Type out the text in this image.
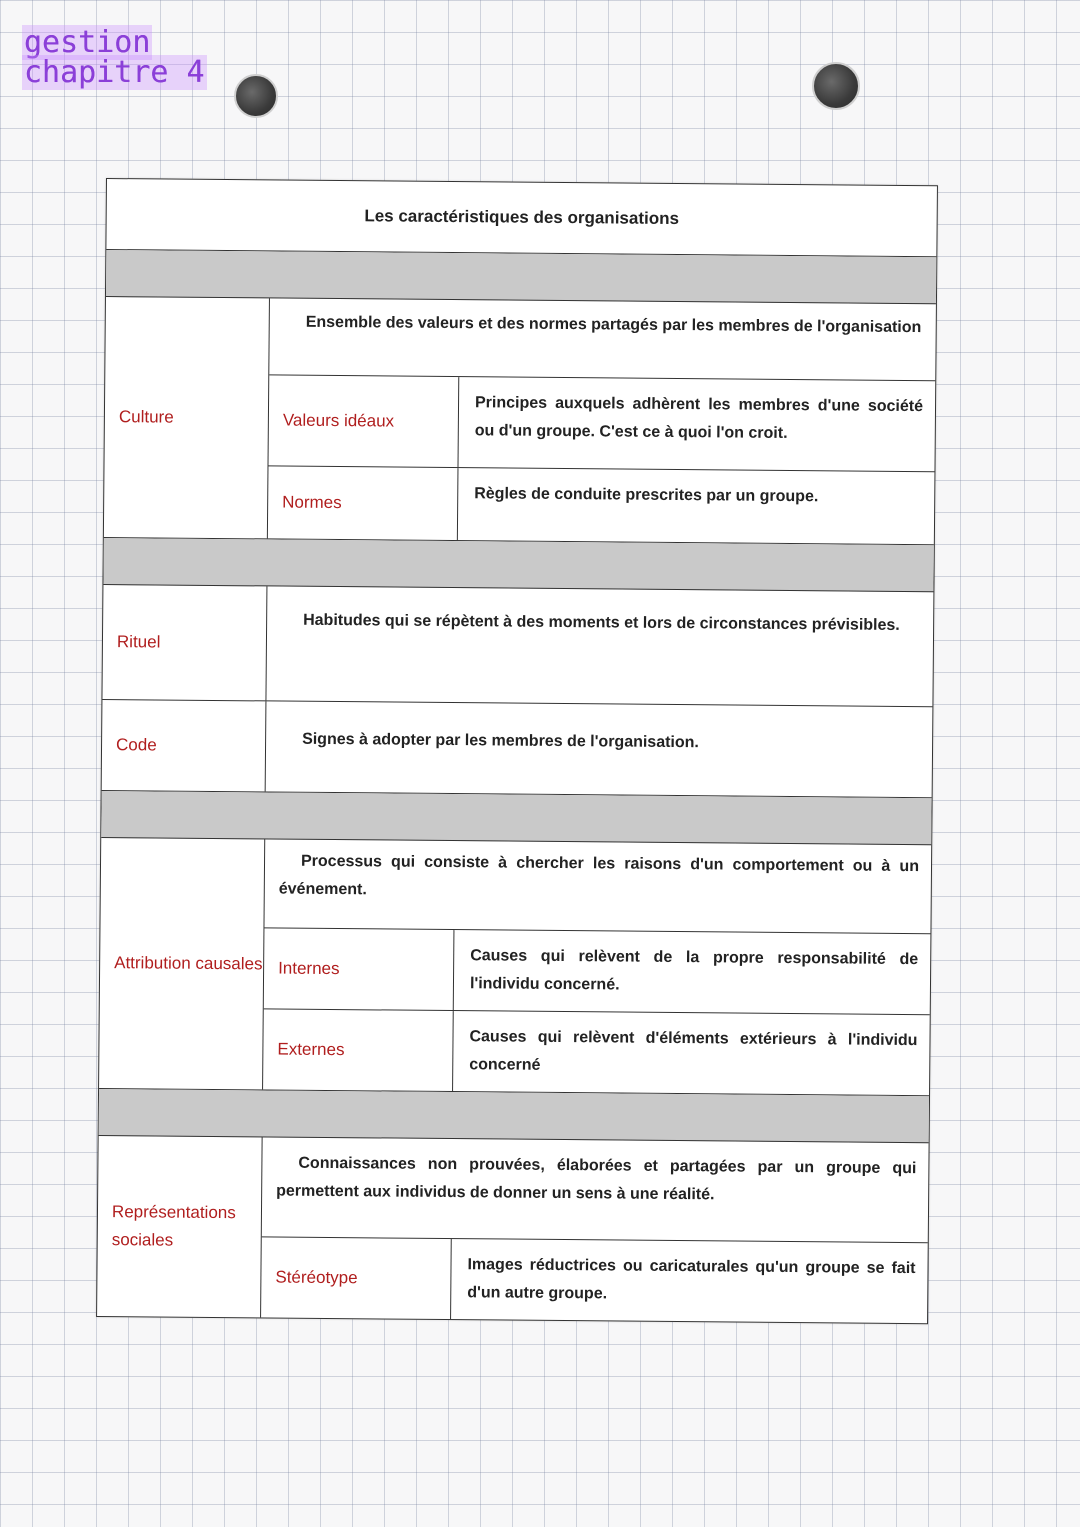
gestion
chapitre 4
Les caractéristiques des organisations
Culture
Ensemble des valeurs et des normes partagés par les membres de l'organisation
Valeurs idéaux
Principes auxquels adhèrent les membres d'une société ou d'un groupe. C'est ce à quoi l'on croit.
Normes	Règles de conduite prescrites par un groupe.
Rituel
Habitudes qui se répètent à des moments et lors de circonstances prévisibles.
Code	Signes à adopter par les membres de l'organisation.
Attribution causales
Processus qui consiste à chercher les raisons d'un comportement ou à un événement.
Internes
Causes qui relèvent de la propre responsabilité de l'individu concerné.
Externes
Causes qui relèvent d'éléments extérieurs à l'individu concerné
Représentations sociales
Connaissances non prouvées, élaborées et partagées par un groupe qui permettent aux individus de donner un sens à une réalité.
Stéréotype
Images réductrices ou caricaturales qu'un groupe se fait d'un autre groupe.
